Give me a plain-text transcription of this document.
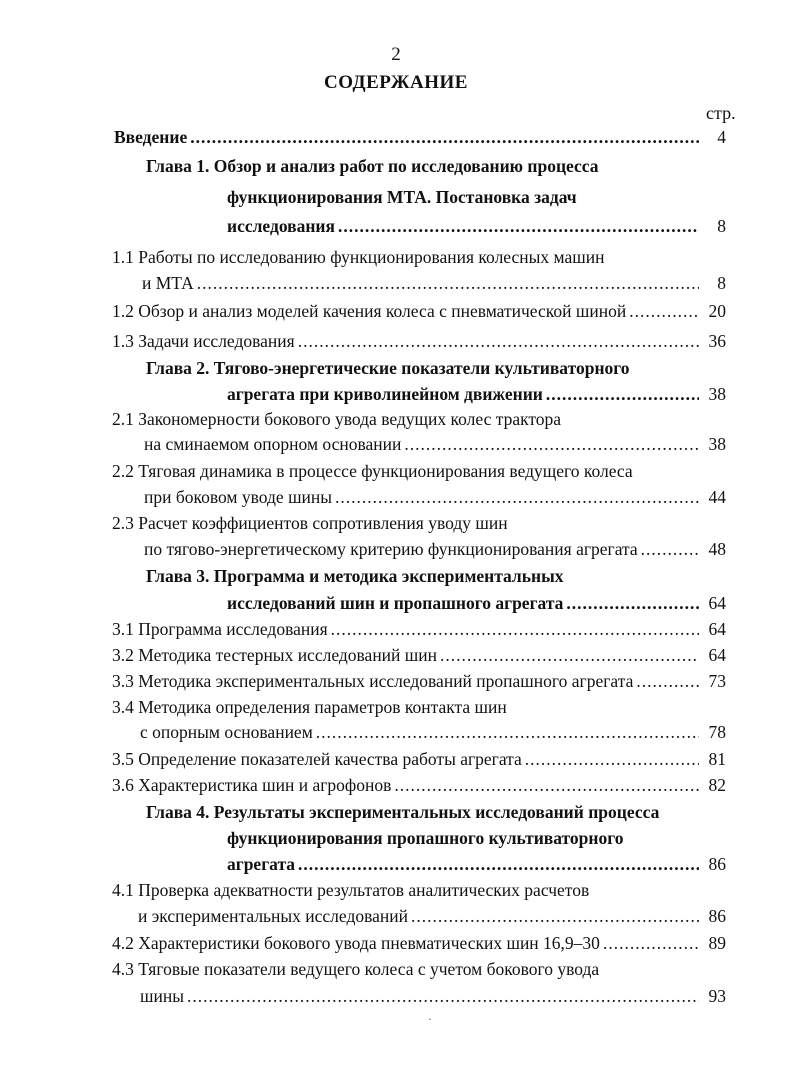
2
СОДЕРЖАНИЕ
стр.
Введение .....	4
Глава 1. Обзор и анализ работ по исследованию процесса
функционирования МТА. Постановка задач
исследования .....	8
1.1 Работы по исследованию функционирования колесных машин
и МТА .....	8
1.2 Обзор и анализ моделей качения колеса с пневматической шиной .....	20
1.3 Задачи исследования .....	36
Глава 2. Тягово-энергетические показатели культиваторного
агрегата при криволинейном движении .....	38
2.1 Закономерности бокового увода ведущих колес трактора
на сминаемом опорном основании .....	38
2.2 Тяговая динамика в процессе функционирования ведущего колеса
при боковом уводе шины .....	44
2.3 Расчет коэффициентов сопротивления уводу шин
по тягово-энергетическому критерию функционирования агрегата .....	48
Глава 3. Программа и методика экспериментальных
исследований шин и пропашного агрегата .....	64
3.1 Программа исследования .....	64
3.2 Методика тестерных исследований шин .....	64
3.3 Методика экспериментальных исследований пропашного агрегата .....	73
3.4 Методика определения параметров контакта шин
с опорным основанием .....	78
3.5 Определение показателей качества работы агрегата .....	81
3.6 Характеристика шин и агрофонов .....	82
Глава 4. Результаты экспериментальных исследований процесса
функционирования пропашного культиваторного
агрегата .....	86
4.1 Проверка адекватности результатов аналитических расчетов
и экспериментальных исследований .....	86
4.2 Характеристики бокового увода пневматических шин 16,9–30 .....	89
4.3 Тяговые показатели ведущего колеса с учетом бокового увода
шины .....	93
·
